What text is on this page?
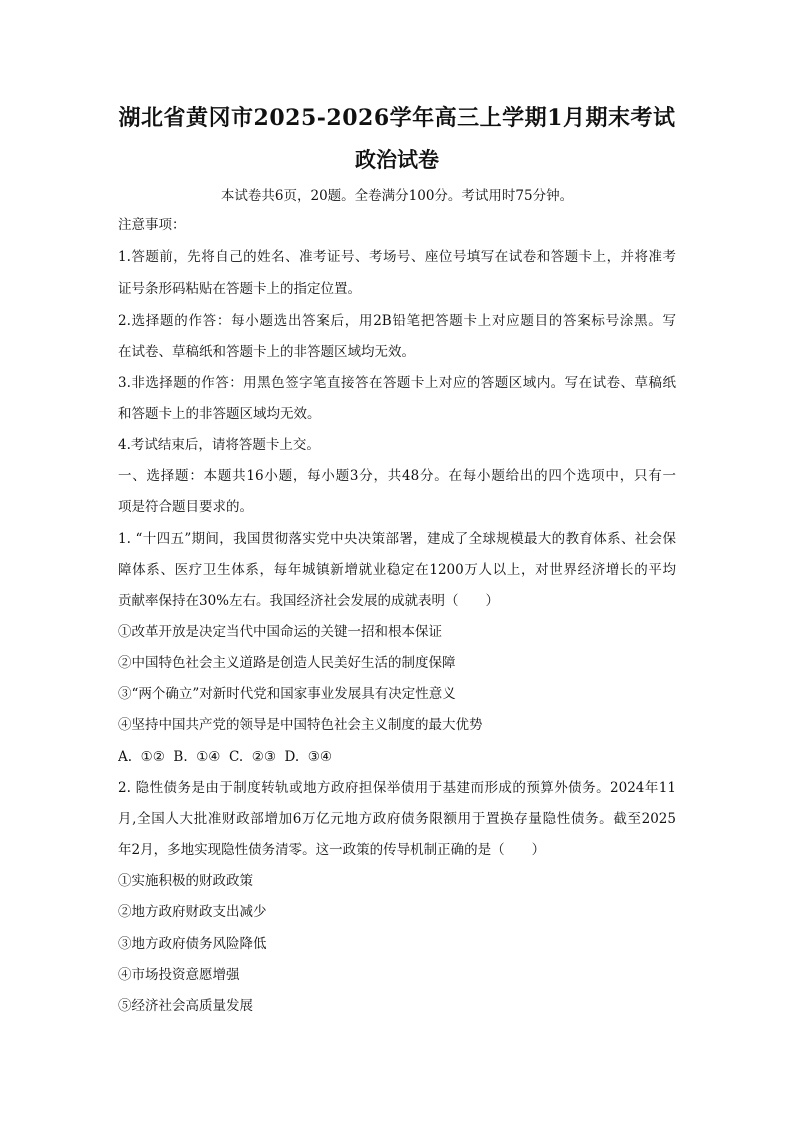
湖北省黄冈市2025-2026学年高三上学期1月期末考试
政治试卷
本试卷共6页，20题。全卷满分100分。考试用时75分钟。
注意事项：
1.答题前，先将自己的姓名、准考证号、考场号、座位号填写在试卷和答题卡上，并将准考
证号条形码粘贴在答题卡上的指定位置。
2.选择题的作答：每小题选出答案后，用2B铅笔把答题卡上对应题目的答案标号涂黑。写
在试卷、草稿纸和答题卡上的非答题区域均无效。
3.非选择题的作答：用黑色签字笔直接答在答题卡上对应的答题区域内。写在试卷、草稿纸
和答题卡上的非答题区域均无效。
4.考试结束后，请将答题卡上交。
一、选择题：本题共16小题，每小题3分，共48分。在每小题给出的四个选项中，只有一
项是符合题目要求的。
1. “十四五”期间，我国贯彻落实党中央决策部署，建成了全球规模最大的教育体系、社会保
障体系、医疗卫生体系，每年城镇新增就业稳定在1200万人以上，对世界经济增长的平均
贡献率保持在30%左右。我国经济社会发展的成就表明（　　）
①改革开放是决定当代中国命运的关键一招和根本保证
②中国特色社会主义道路是创造人民美好生活的制度保障
③“两个确立”对新时代党和国家事业发展具有决定性意义
④坚持中国共产党的领导是中国特色社会主义制度的最大优势
A.  ①②  B.  ①④  C.  ②③  D.  ③④
2. 隐性债务是由于制度转轨或地方政府担保举债用于基建而形成的预算外债务。2024年11
月,全国人大批准财政部增加6万亿元地方政府债务限额用于置换存量隐性债务。截至2025
年2月，多地实现隐性债务清零。这一政策的传导机制正确的是（　　）
①实施积极的财政政策
②地方政府财政支出减少
③地方政府债务风险降低
④市场投资意愿增强
⑤经济社会高质量发展
